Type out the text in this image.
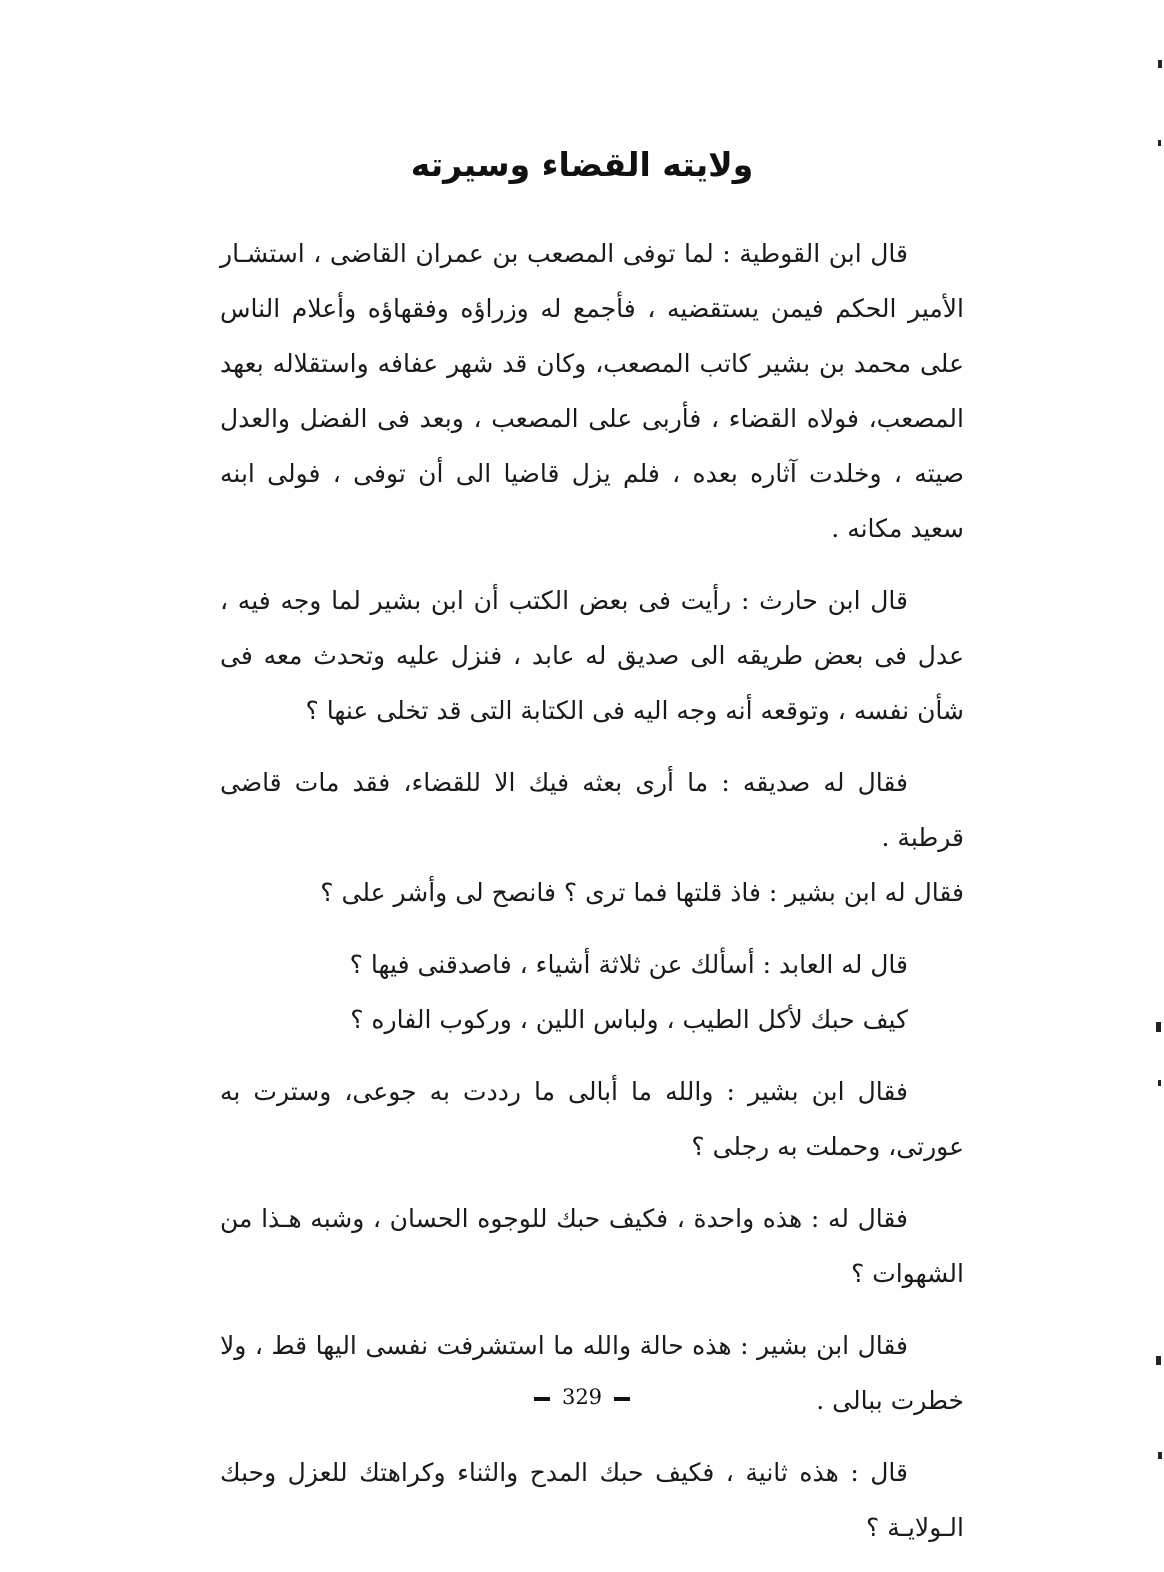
ولايته القضاء وسيرته

قال ابن القوطية : لما توفى المصعب بن عمران القاضى ، استشـار الأمير الحكم فيمن يستقضيه ، فأجمع له وزراؤه وفقهاؤه وأعلام الناس على محمد بن بشير كاتب المصعب، وكان قد شهر عفافه واستقلاله بعهد المصعب، فولاه القضاء ، فأربى على المصعب ، وبعد فى الفضل والعدل صيته ، وخلدت آثاره بعده ، فلم يزل قاضيا الى أن توفى ، فولى ابنه سعيد مكانه .

قال ابن حارث : رأيت فى بعض الكتب أن ابن بشير لما وجه فيه ، عدل فى بعض طريقه الى صديق له عابد ، فنزل عليه وتحدث معه فى شأن نفسه ، وتوقعه أنه وجه اليه فى الكتابة التى قد تخلى عنها ؟

فقال له صديقه : ما أرى بعثه فيك الا للقضاء، فقد مات قاضى قرطبة .

فقال له ابن بشير : فاذ قلتها فما ترى ؟ فانصح لى وأشر على ؟

قال له العابد : أسألك عن ثلاثة أشياء ، فاصدقنى فيها ؟

كيف حبك لأكل الطيب ، ولباس اللين ، وركوب الفاره ؟

فقال ابن بشير : والله ما أبالى ما رددت به جوعى، وسترت به عورتى، وحملت به رجلى ؟

فقال له : هذه واحدة ، فكيف حبك للوجوه الحسان ، وشبه هـذا من الشهوات ؟

فقال ابن بشير : هذه حالة والله ما استشرفت نفسى اليها قط ، ولا خطرت ببالى .

قال : هذه ثانية ، فكيف حبك المدح والثناء وكراهتك للعزل وحبك الـولايـة ؟

329
